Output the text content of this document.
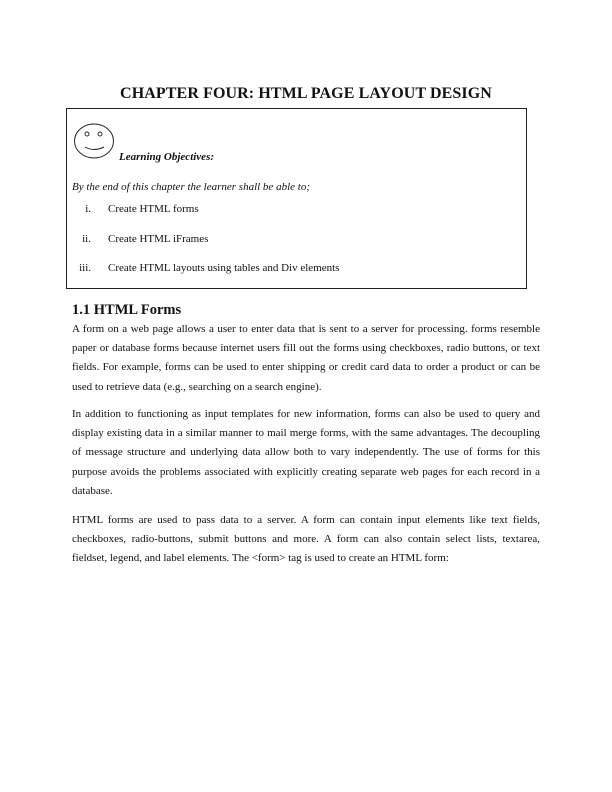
CHAPTER FOUR: HTML PAGE LAYOUT DESIGN
Learning Objectives:
By the end of this chapter the learner shall be able to;
i. Create HTML forms
ii. Create HTML iFrames
iii. Create HTML layouts using tables and Div elements
1.1 HTML Forms

A form on a web page allows a user to enter data that is sent to a server for processing. forms resemble paper or database forms because internet users fill out the forms using checkboxes, radio buttons, or text fields. For example, forms can be used to enter shipping or credit card data to order a product or can be used to retrieve data (e.g., searching on a search engine).

In addition to functioning as input templates for new information, forms can also be used to query and display existing data in a similar manner to mail merge forms, with the same advantages. The decoupling of message structure and underlying data allow both to vary independently. The use of forms for this purpose avoids the problems associated with explicitly creating separate web pages for each record in a database.

HTML forms are used to pass data to a server. A form can contain input elements like text fields, checkboxes, radio-buttons, submit buttons and more. A form can also contain select lists, textarea, fieldset, legend, and label elements. The <form> tag is used to create an HTML form:
